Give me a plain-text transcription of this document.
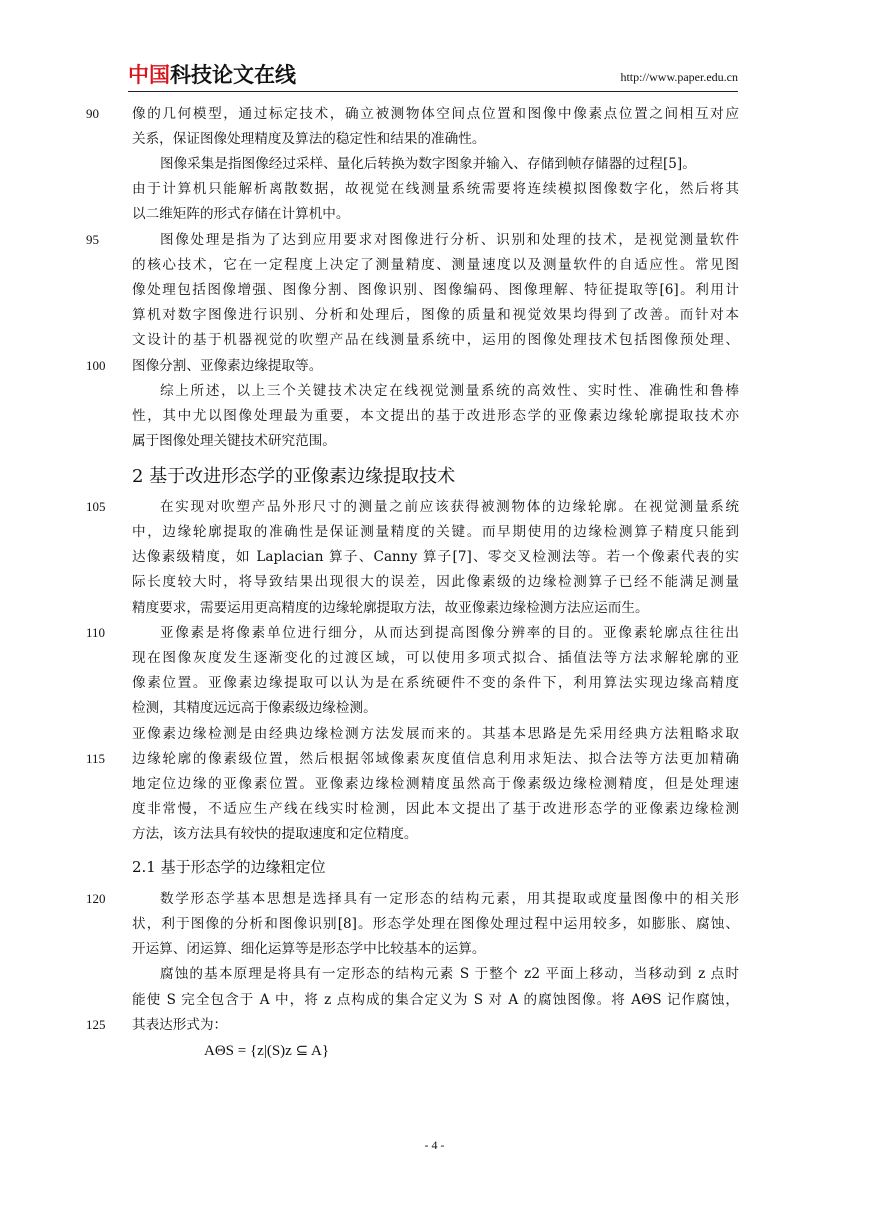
中国科技论文在线	http://www.paper.edu.cn
90
95
100
105
110
115
120
125
像的几何模型，通过标定技术，确立被测物体空间点位置和图像中像素点位置之间相互对应
关系，保证图像处理精度及算法的稳定性和结果的准确性。
图像采集是指图像经过采样、量化后转换为数字图象并输入、存储到帧存储器的过程[5]。
由于计算机只能解析离散数据，故视觉在线测量系统需要将连续模拟图像数字化，然后将其
以二维矩阵的形式存储在计算机中。
图像处理是指为了达到应用要求对图像进行分析、识别和处理的技术，是视觉测量软件
的核心技术，它在一定程度上决定了测量精度、测量速度以及测量软件的自适应性。常见图
像处理包括图像增强、图像分割、图像识别、图像编码、图像理解、特征提取等[6]。利用计
算机对数字图像进行识别、分析和处理后，图像的质量和视觉效果均得到了改善。而针对本
文设计的基于机器视觉的吹塑产品在线测量系统中，运用的图像处理技术包括图像预处理、
图像分割、亚像素边缘提取等。
综上所述，以上三个关键技术决定在线视觉测量系统的高效性、实时性、准确性和鲁棒
性，其中尤以图像处理最为重要，本文提出的基于改进形态学的亚像素边缘轮廓提取技术亦
属于图像处理关键技术研究范围。
2 基于改进形态学的亚像素边缘提取技术
在实现对吹塑产品外形尺寸的测量之前应该获得被测物体的边缘轮廓。在视觉测量系统
中，边缘轮廓提取的准确性是保证测量精度的关键。而早期使用的边缘检测算子精度只能到
达像素级精度，如 Laplacian 算子、Canny 算子[7]、零交叉检测法等。若一个像素代表的实
际长度较大时，将导致结果出现很大的误差，因此像素级的边缘检测算子已经不能满足测量
精度要求，需要运用更高精度的边缘轮廓提取方法，故亚像素边缘检测方法应运而生。
亚像素是将像素单位进行细分，从而达到提高图像分辨率的目的。亚像素轮廓点往往出
现在图像灰度发生逐渐变化的过渡区域，可以使用多项式拟合、插值法等方法求解轮廓的亚
像素位置。亚像素边缘提取可以认为是在系统硬件不变的条件下，利用算法实现边缘高精度
检测，其精度远远高于像素级边缘检测。
亚像素边缘检测是由经典边缘检测方法发展而来的。其基本思路是先采用经典方法粗略求取
边缘轮廓的像素级位置，然后根据邻域像素灰度值信息利用求矩法、拟合法等方法更加精确
地定位边缘的亚像素位置。亚像素边缘检测精度虽然高于像素级边缘检测精度，但是处理速
度非常慢，不适应生产线在线实时检测，因此本文提出了基于改进形态学的亚像素边缘检测
方法，该方法具有较快的提取速度和定位精度。
2.1 基于形态学的边缘粗定位
数学形态学基本思想是选择具有一定形态的结构元素，用其提取或度量图像中的相关形
状，利于图像的分析和图像识别[8]。形态学处理在图像处理过程中运用较多，如膨胀、腐蚀、
开运算、闭运算、细化运算等是形态学中比较基本的运算。
腐蚀的基本原理是将具有一定形态的结构元素 S 于整个 z2 平面上移动，当移动到 z 点时
能使 S 完全包含于 A 中，将 z 点构成的集合定义为 S 对 A 的腐蚀图像。将 AΘS 记作腐蚀，
其表达形式为：
AΘS = {z|(S)z ⊆ A}
- 4 -
